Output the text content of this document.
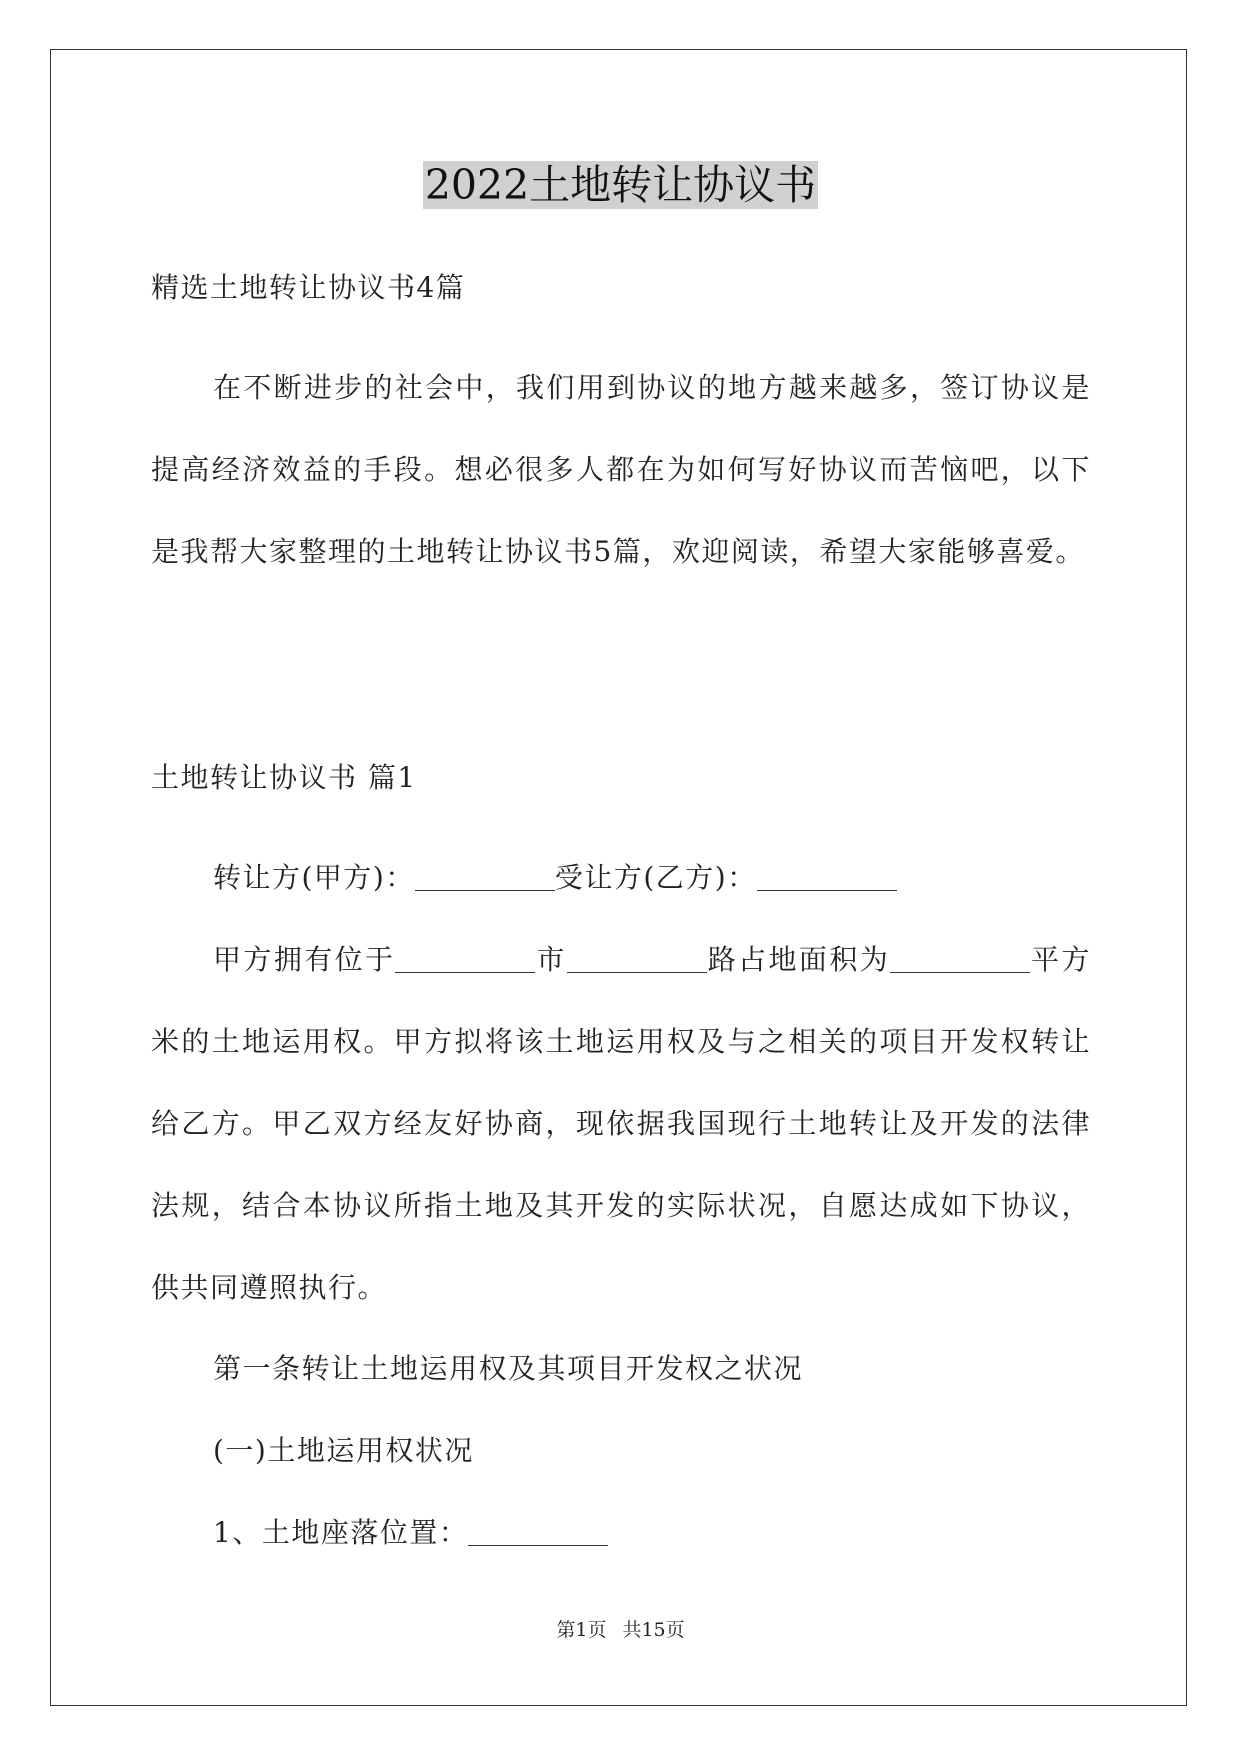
2022土地转让协议书
精选土地转让协议书4篇
在不断进步的社会中，我们用到协议的地方越来越多，签订协议是提高经济效益的手段。想必很多人都在为如何写好协议而苦恼吧，以下是我帮大家整理的土地转让协议书5篇，欢迎阅读，希望大家能够喜爱。
土地转让协议书 篇1
转让方(甲方)：	受让方(乙方)：
甲方拥有位于	市	路占地面积为	平方米的土地运用权。甲方拟将该土地运用权及与之相关的项目开发权转让给乙方。甲乙双方经友好协商，现依据我国现行土地转让及开发的法律法规，结合本协议所指土地及其开发的实际状况，自愿达成如下协议，供共同遵照执行。
第一条转让土地运用权及其项目开发权之状况
(一)土地运用权状况
1、土地座落位置：
第1页 共15页
